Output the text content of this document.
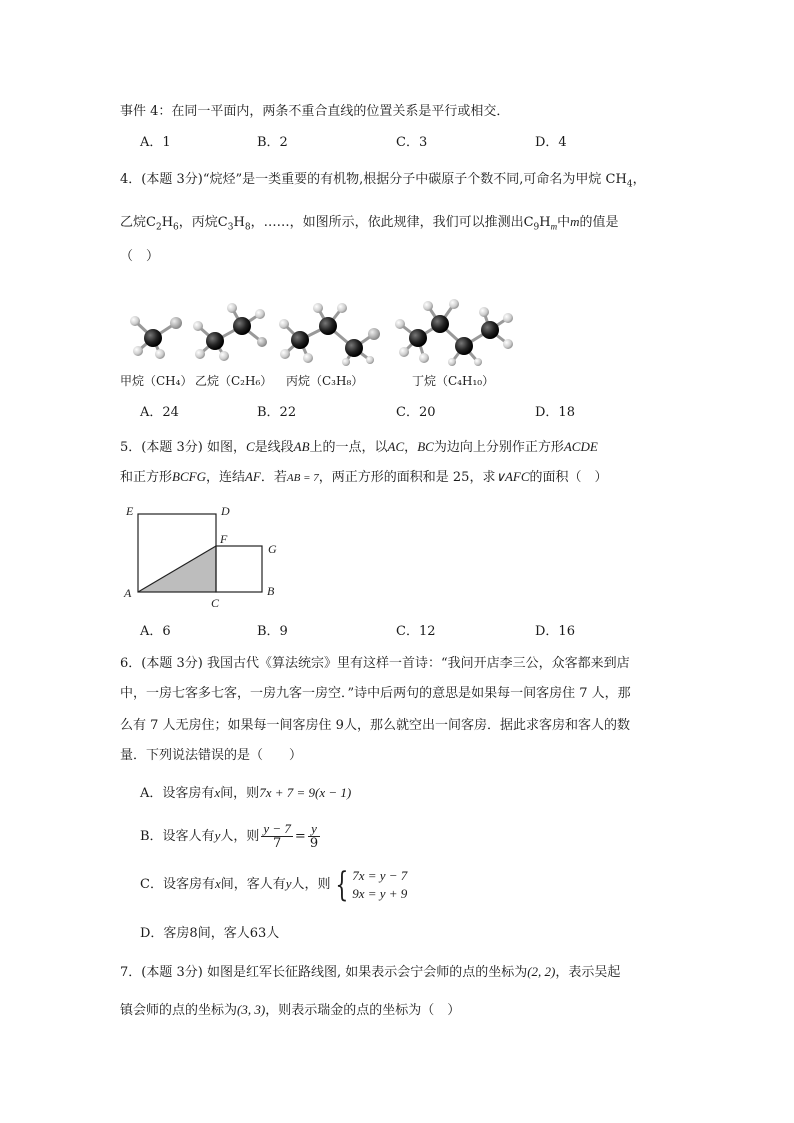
事件 4：在同一平面内，两条不重合直线的位置关系是平行或相交．
A．1	B．2	C．3	D．4
4．(本题 3分)“烷烃”是一类重要的有机物,根据分子中碳原子个数不同,可命名为甲烷 $CH_4$，
乙烷$C_2H_6$，丙烷$C_3H_8$，……，如图所示，依此规律，我们可以推测出$C_9H_m$中m的值是
（　）
甲烷（CH₄） 乙烷（C₂H₆） 丙烷（C₃H₈）	丁烷（C₄H₁₀）
A．24	B．22	C．20	D．18
5．(本题 3分) 如图，C是线段AB上的一点，以AC，BC为边向上分别作正方形ACDE
和正方形BCFG，连结AF．若AB = 7，两正方形的面积和是 25，求∨AFC的面积（　）
E	D
F
G
A
C
B
A．6	B．9	C．12	D．16
6．(本题 3分) 我国古代《算法统宗》里有这样一首诗：“我问开店李三公，众客都来到店
中，一房七客多七客，一房九客一房空．”诗中后两句的意思是如果每一间客房住 7 人，那
么有 7 人无房住；如果每一间客房住 9人，那么就空出一间客房．据此求客房和客人的数
量．下列说法错误的是（　　）
A．设客房有x间，则7x + 7 = 9(x − 1)
B．设客人有y人，则 $\frac{y - 7}{7} = \frac{y}{9}$
C．设客房有x间，客人有y人，则 { 7x = y − 7
9x = y + 9
D．客房8间，客人63人
7．(本题 3分) 如图是红军长征路线图, 如果表示会宁会师的点的坐标为(2, 2)，表示吴起
镇会师的点的坐标为(3, 3)，则表示瑞金的点的坐标为（　）
